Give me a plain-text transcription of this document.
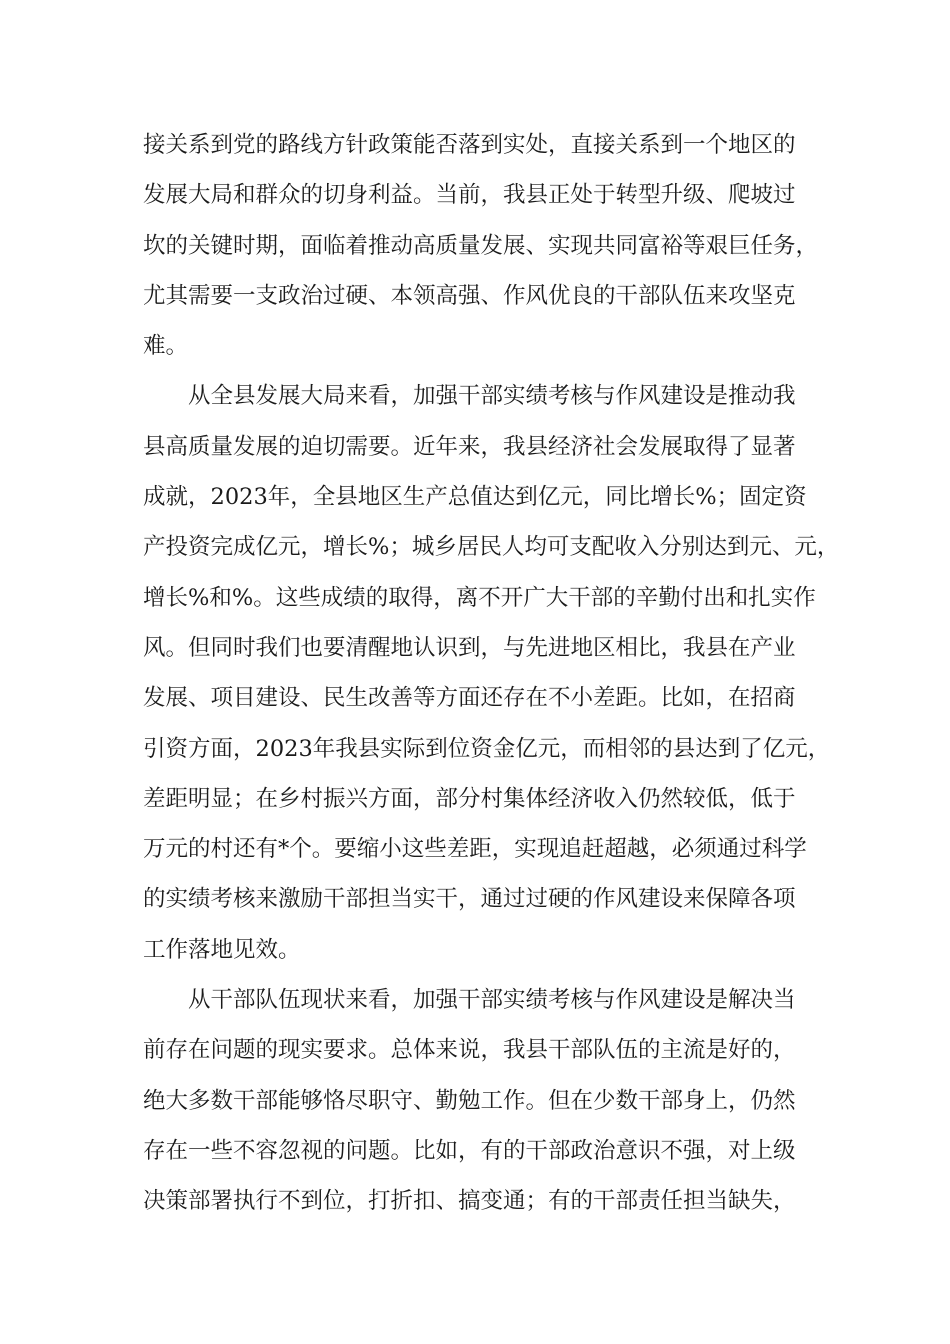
接关系到党的路线方针政策能否落到实处，直接关系到一个地区的
发展大局和群众的切身利益。当前，我县正处于转型升级、爬坡过
坎的关键时期，面临着推动高质量发展、实现共同富裕等艰巨任务，
尤其需要一支政治过硬、本领高强、作风优良的干部队伍来攻坚克
难。
从全县发展大局来看，加强干部实绩考核与作风建设是推动我
县高质量发展的迫切需要。近年来，我县经济社会发展取得了显著
成就，2023年，全县地区生产总值达到亿元，同比增长%；固定资
产投资完成亿元，增长%；城乡居民人均可支配收入分别达到元、元，
增长%和%。这些成绩的取得，离不开广大干部的辛勤付出和扎实作
风。但同时我们也要清醒地认识到，与先进地区相比，我县在产业
发展、项目建设、民生改善等方面还存在不小差距。比如，在招商
引资方面，2023年我县实际到位资金亿元，而相邻的县达到了亿元，
差距明显；在乡村振兴方面，部分村集体经济收入仍然较低，低于
万元的村还有*个。要缩小这些差距，实现追赶超越，必须通过科学
的实绩考核来激励干部担当实干，通过过硬的作风建设来保障各项
工作落地见效。
从干部队伍现状来看，加强干部实绩考核与作风建设是解决当
前存在问题的现实要求。总体来说，我县干部队伍的主流是好的，
绝大多数干部能够恪尽职守、勤勉工作。但在少数干部身上，仍然
存在一些不容忽视的问题。比如，有的干部政治意识不强，对上级
决策部署执行不到位，打折扣、搞变通；有的干部责任担当缺失，
